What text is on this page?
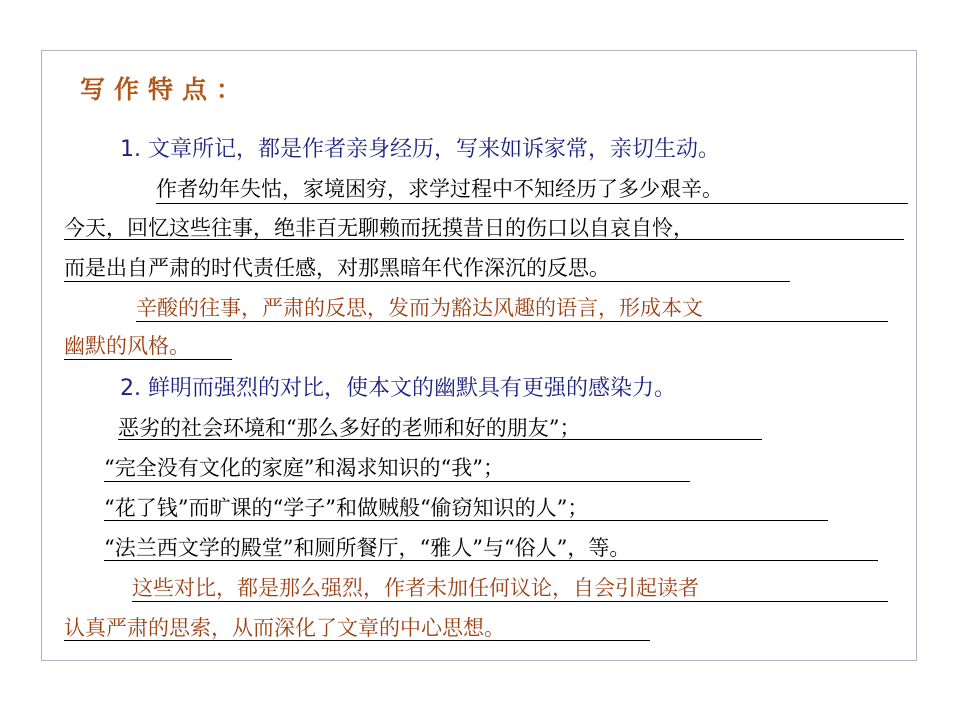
写作特点：
1. 文章所记，都是作者亲身经历，写来如诉家常，亲切生动。
作者幼年失怙，家境困穷，求学过程中不知经历了多少艰辛。
今天，回忆这些往事，绝非百无聊赖而抚摸昔日的伤口以自哀自怜，
而是出自严肃的时代责任感，对那黑暗年代作深沉的反思。
辛酸的往事，严肃的反思，发而为豁达风趣的语言，形成本文
幽默的风格。
2. 鲜明而强烈的对比，使本文的幽默具有更强的感染力。
恶劣的社会环境和“那么多好的老师和好的朋友”；
“完全没有文化的家庭”和渴求知识的“我”；
“花了钱”而旷课的“学子”和做贼般“偷窃知识的人”；
“法兰西文学的殿堂”和厕所餐厅，“雅人”与“俗人”，等。
这些对比，都是那么强烈，作者未加任何议论，自会引起读者
认真严肃的思索，从而深化了文章的中心思想。
